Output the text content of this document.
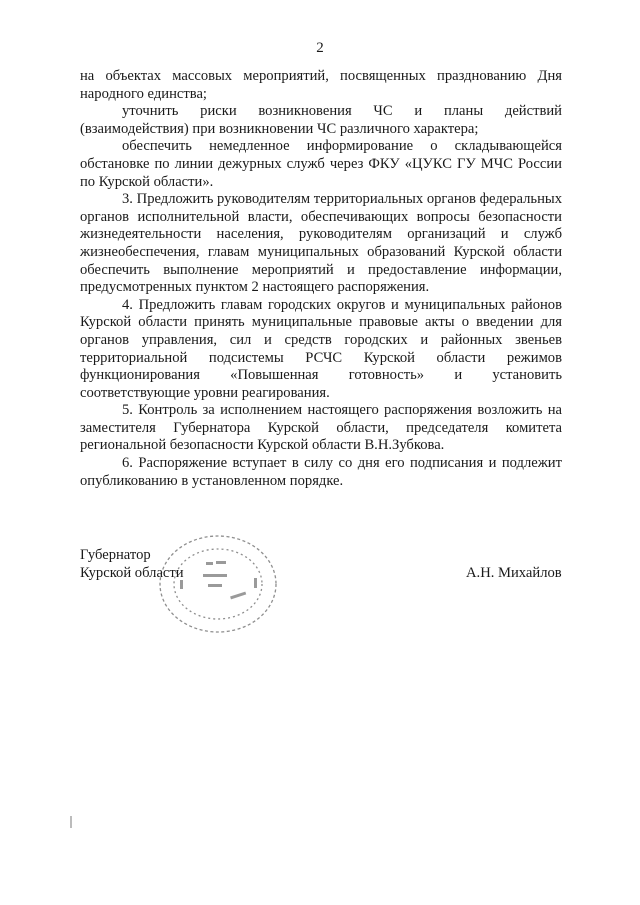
2

на объектах массовых мероприятий, посвященных празднованию Дня народного единства;

уточнить риски возникновения ЧС и планы действий (взаимодействия) при возникновении ЧС различного характера;

обеспечить немедленное информирование о складывающейся обстановке по линии дежурных служб через ФКУ «ЦУКС ГУ МЧС России по Курской области».

3. Предложить руководителям территориальных органов федеральных органов исполнительной власти, обеспечивающих вопросы безопасности жизнедеятельности населения, руководителям организаций и служб жизнеобеспечения, главам муниципальных образований Курской области обеспечить выполнение мероприятий и предоставление информации, предусмотренных пунктом 2 настоящего распоряжения.

4. Предложить главам городских округов и муниципальных районов Курской области принять муниципальные правовые акты о введении для органов управления, сил и средств городских и районных звеньев территориальной подсистемы РСЧС Курской области режимов функционирования «Повышенная готовность» и установить соответствующие уровни реагирования.

5. Контроль за исполнением настоящего распоряжения возложить на заместителя Губернатора Курской области, председателя комитета региональной безопасности Курской области В.Н.Зубкова.

6. Распоряжение вступает в силу со дня его подписания и подлежит опубликованию в установленном порядке.

Губернатор
Курской области	А.Н. Михайлов
